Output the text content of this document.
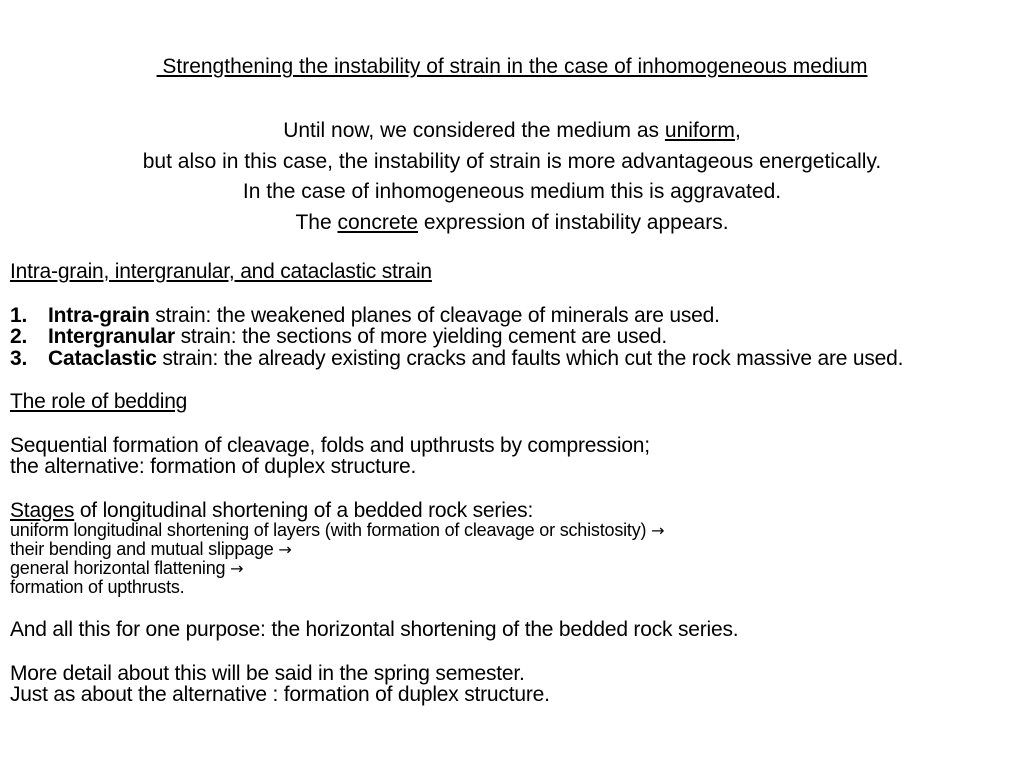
Strengthening the instability of strain in the case of inhomogeneous medium
Until now, we considered the medium as uniform,
but also in this case, the instability of strain is more advantageous energetically.
In the case of inhomogeneous medium this is aggravated.
The concrete expression of instability appears.
Intra-grain, intergranular, and cataclastic strain
1. Intra-grain strain: the weakened planes of cleavage of minerals are used.
2. Intergranular strain: the sections of more yielding cement are used.
3. Cataclastic strain: the already existing cracks and faults which cut the rock massive are used.
The role of bedding
Sequential formation of cleavage, folds and upthrusts by compression;
the alternative: formation of duplex structure.
Stages of longitudinal shortening of a bedded rock series:
uniform longitudinal shortening of layers (with formation of cleavage or schistosity) →
their bending and mutual slippage →
general horizontal flattening →
formation of upthrusts.
And all this for one purpose: the horizontal shortening of the bedded rock series.
More detail about this will be said in the spring semester.
Just as about the alternative : formation of duplex structure.
